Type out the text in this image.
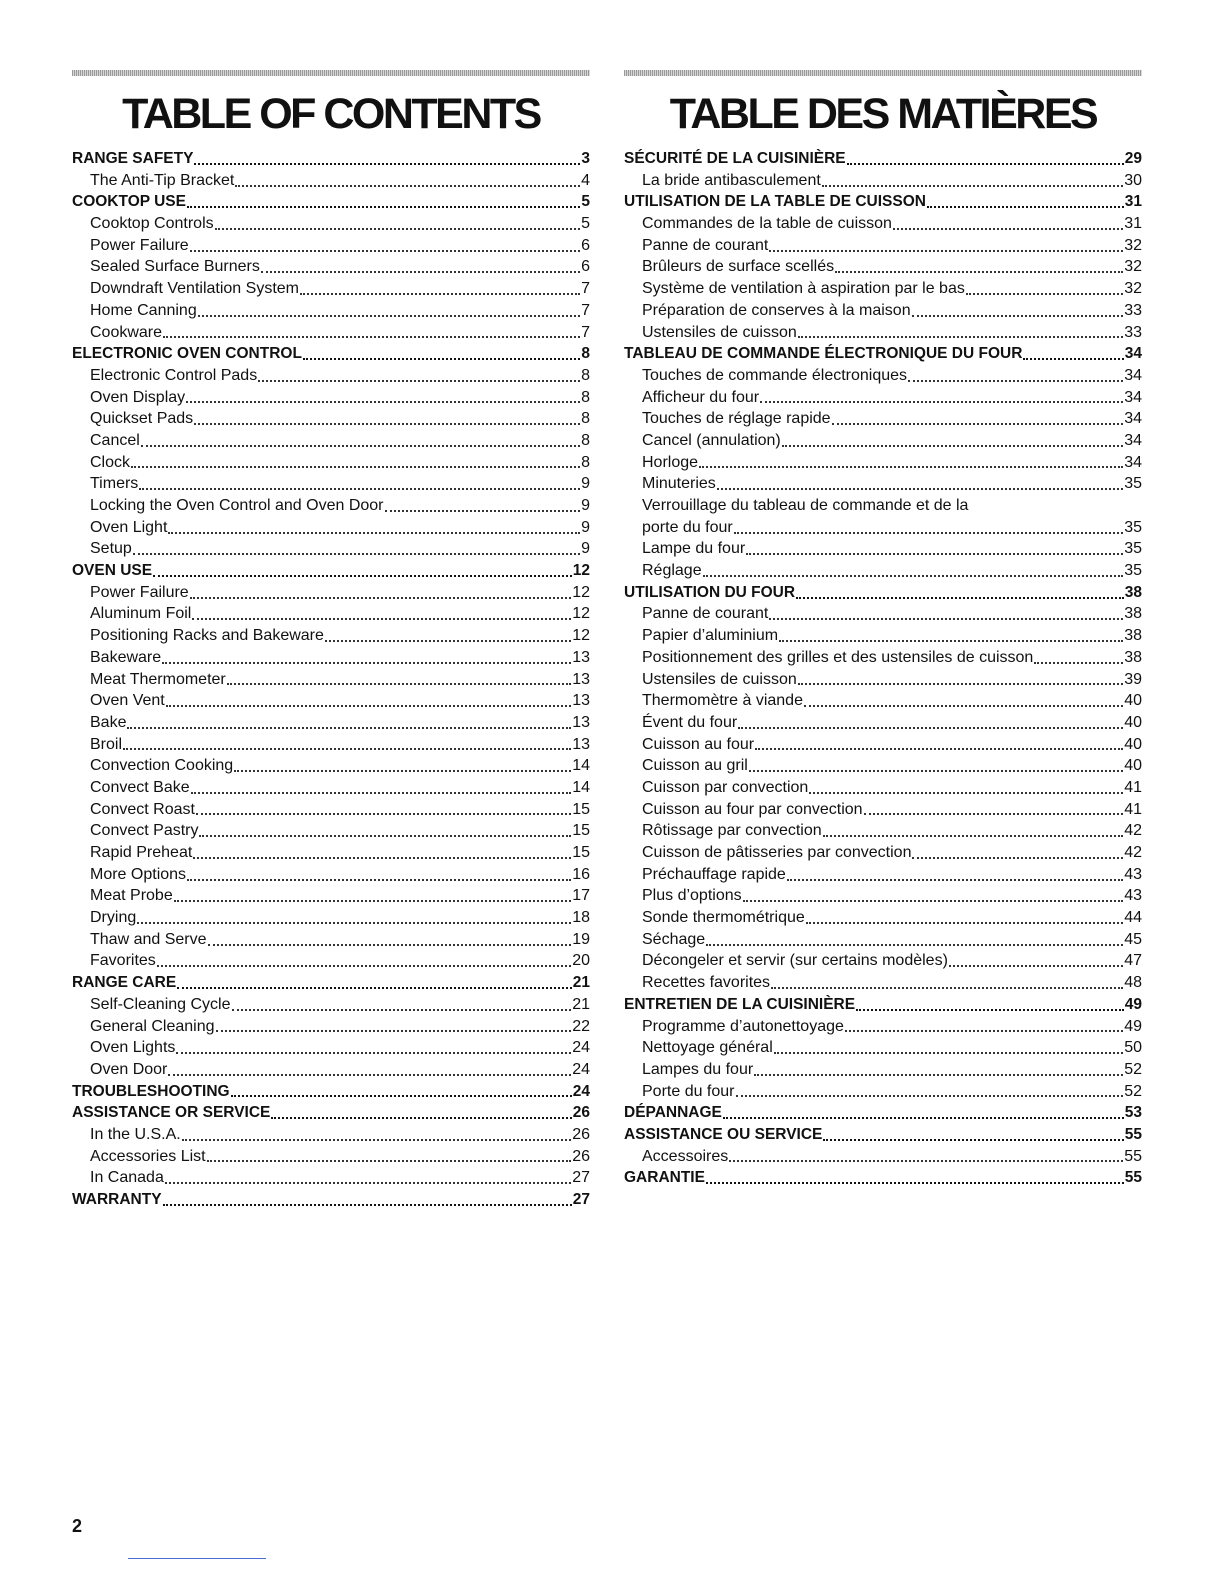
TABLE OF CONTENTS
RANGE SAFETY	3
The Anti-Tip Bracket	4
COOKTOP USE	5
Cooktop Controls	5
Power Failure	6
Sealed Surface Burners	6
Downdraft Ventilation System	7
Home Canning	7
Cookware	7
ELECTRONIC OVEN CONTROL	8
Electronic Control Pads	8
Oven Display	8
Quickset Pads	8
Cancel	8
Clock	8
Timers	9
Locking the Oven Control and Oven Door	9
Oven Light	9
Setup	9
OVEN USE	12
Power Failure	12
Aluminum Foil	12
Positioning Racks and Bakeware	12
Bakeware	13
Meat Thermometer	13
Oven Vent	13
Bake	13
Broil	13
Convection Cooking	14
Convect Bake	14
Convect Roast	15
Convect Pastry	15
Rapid Preheat	15
More Options	16
Meat Probe	17
Drying	18
Thaw and Serve	19
Favorites	20
RANGE CARE	21
Self-Cleaning Cycle	21
General Cleaning	22
Oven Lights	24
Oven Door	24
TROUBLESHOOTING	24
ASSISTANCE OR SERVICE	26
In the U.S.A.	26
Accessories List	26
In Canada	27
WARRANTY	27
TABLE DES MATIÈRES
SÉCURITÉ DE LA CUISINIÈRE	29
La bride antibasculement	30
UTILISATION DE LA TABLE DE CUISSON	31
Commandes de la table de cuisson	31
Panne de courant	32
Brûleurs de surface scellés	32
Système de ventilation à aspiration par le bas	32
Préparation de conserves à la maison	33
Ustensiles de cuisson	33
TABLEAU DE COMMANDE ÉLECTRONIQUE DU FOUR	34
Touches de commande électroniques	34
Afficheur du four	34
Touches de réglage rapide	34
Cancel (annulation)	34
Horloge	34
Minuteries	35
Verrouillage du tableau de commande et de la
porte du four	35
Lampe du four	35
Réglage	35
UTILISATION DU FOUR	38
Panne de courant	38
Papier d’aluminium	38
Positionnement des grilles et des ustensiles de cuisson	38
Ustensiles de cuisson	39
Thermomètre à viande	40
Évent du four	40
Cuisson au four	40
Cuisson au gril	40
Cuisson par convection	41
Cuisson au four par convection	41
Rôtissage par convection	42
Cuisson de pâtisseries par convection	42
Préchauffage rapide	43
Plus d’options	43
Sonde thermométrique	44
Séchage	45
Décongeler et servir (sur certains modèles)	47
Recettes favorites	48
ENTRETIEN DE LA CUISINIÈRE	49
Programme d’autonettoyage	49
Nettoyage général	50
Lampes du four	52
Porte du four	52
DÉPANNAGE	53
ASSISTANCE OU SERVICE	55
Accessoires	55
GARANTIE	55
2
